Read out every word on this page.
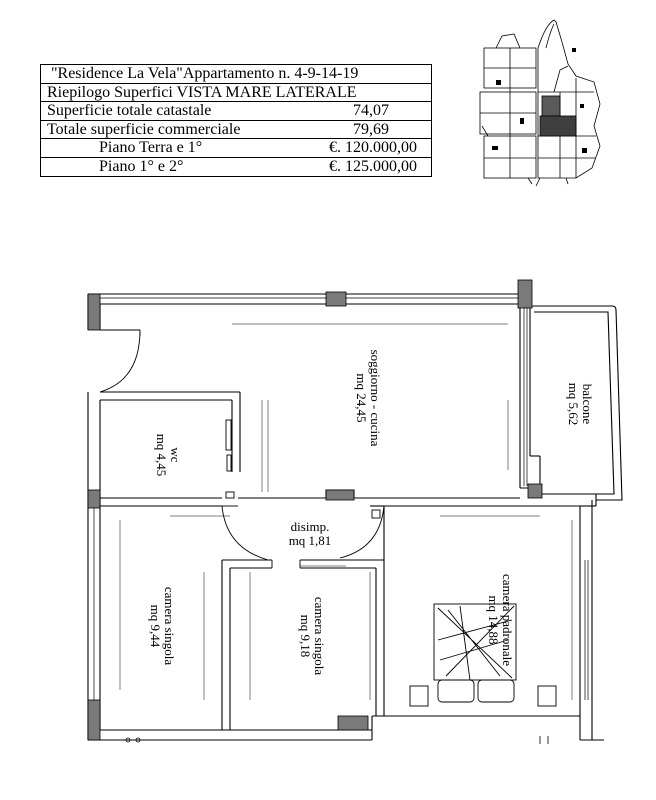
"Residence La Vela"Appartamento n. 4-9-14-19
Riepilogo Superfici VISTA MARE LATERALE
Superficie totale catastale	74,07
Totale superficie commerciale	79,69
Piano Terra e 1°	€. 120.000,00
Piano 1° e 2°	€. 125.000,00
soggiorno - cucina
mq 24,45	balcone
mq 5,62
wc
mq 4,45
disimp.
mq 1,81
camera singola
mq 9,44	camera singola
mq 9,18	camera padronale
mq 14,88
